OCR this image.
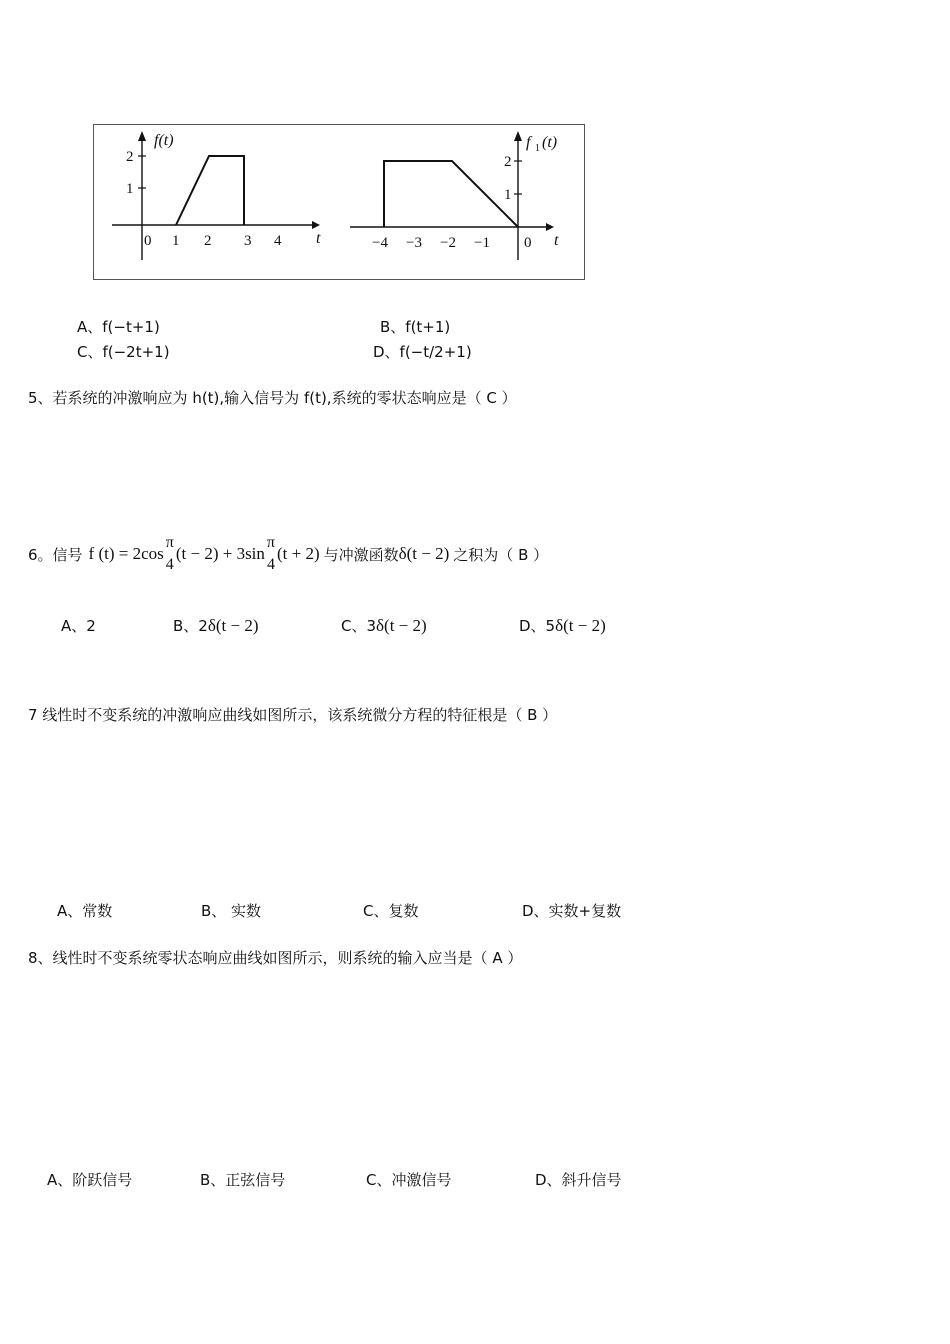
2
1
0 1 2 3 4 t
f(t)
2
1
−4 −3 −2 −1 0 t
f 1 (t)
A、f(−t+1)	B、f(t+1)
C、f(−2t+1)	D、f(−t/2+1)
5、若系统的冲激响应为 h(t),输入信号为 f(t),系统的零状态响应是（ C ）
6。信号 f (t) = 2cos
π
4
(t − 2) + 3sin
π
4
(t + 2) 与冲激函数 δ(t − 2) 之积为（ B ）
A、2	B、2 δ(t − 2)	C、3 δ(t − 2)	D、5 δ(t − 2)
7 线性时不变系统的冲激响应曲线如图所示，该系统微分方程的特征根是（ B ）
A、常数	B、 实数	C、复数	D、实数+复数
8、线性时不变系统零状态响应曲线如图所示，则系统的输入应当是（ A ）
A、阶跃信号	B、正弦信号	C、冲激信号	D、斜升信号
